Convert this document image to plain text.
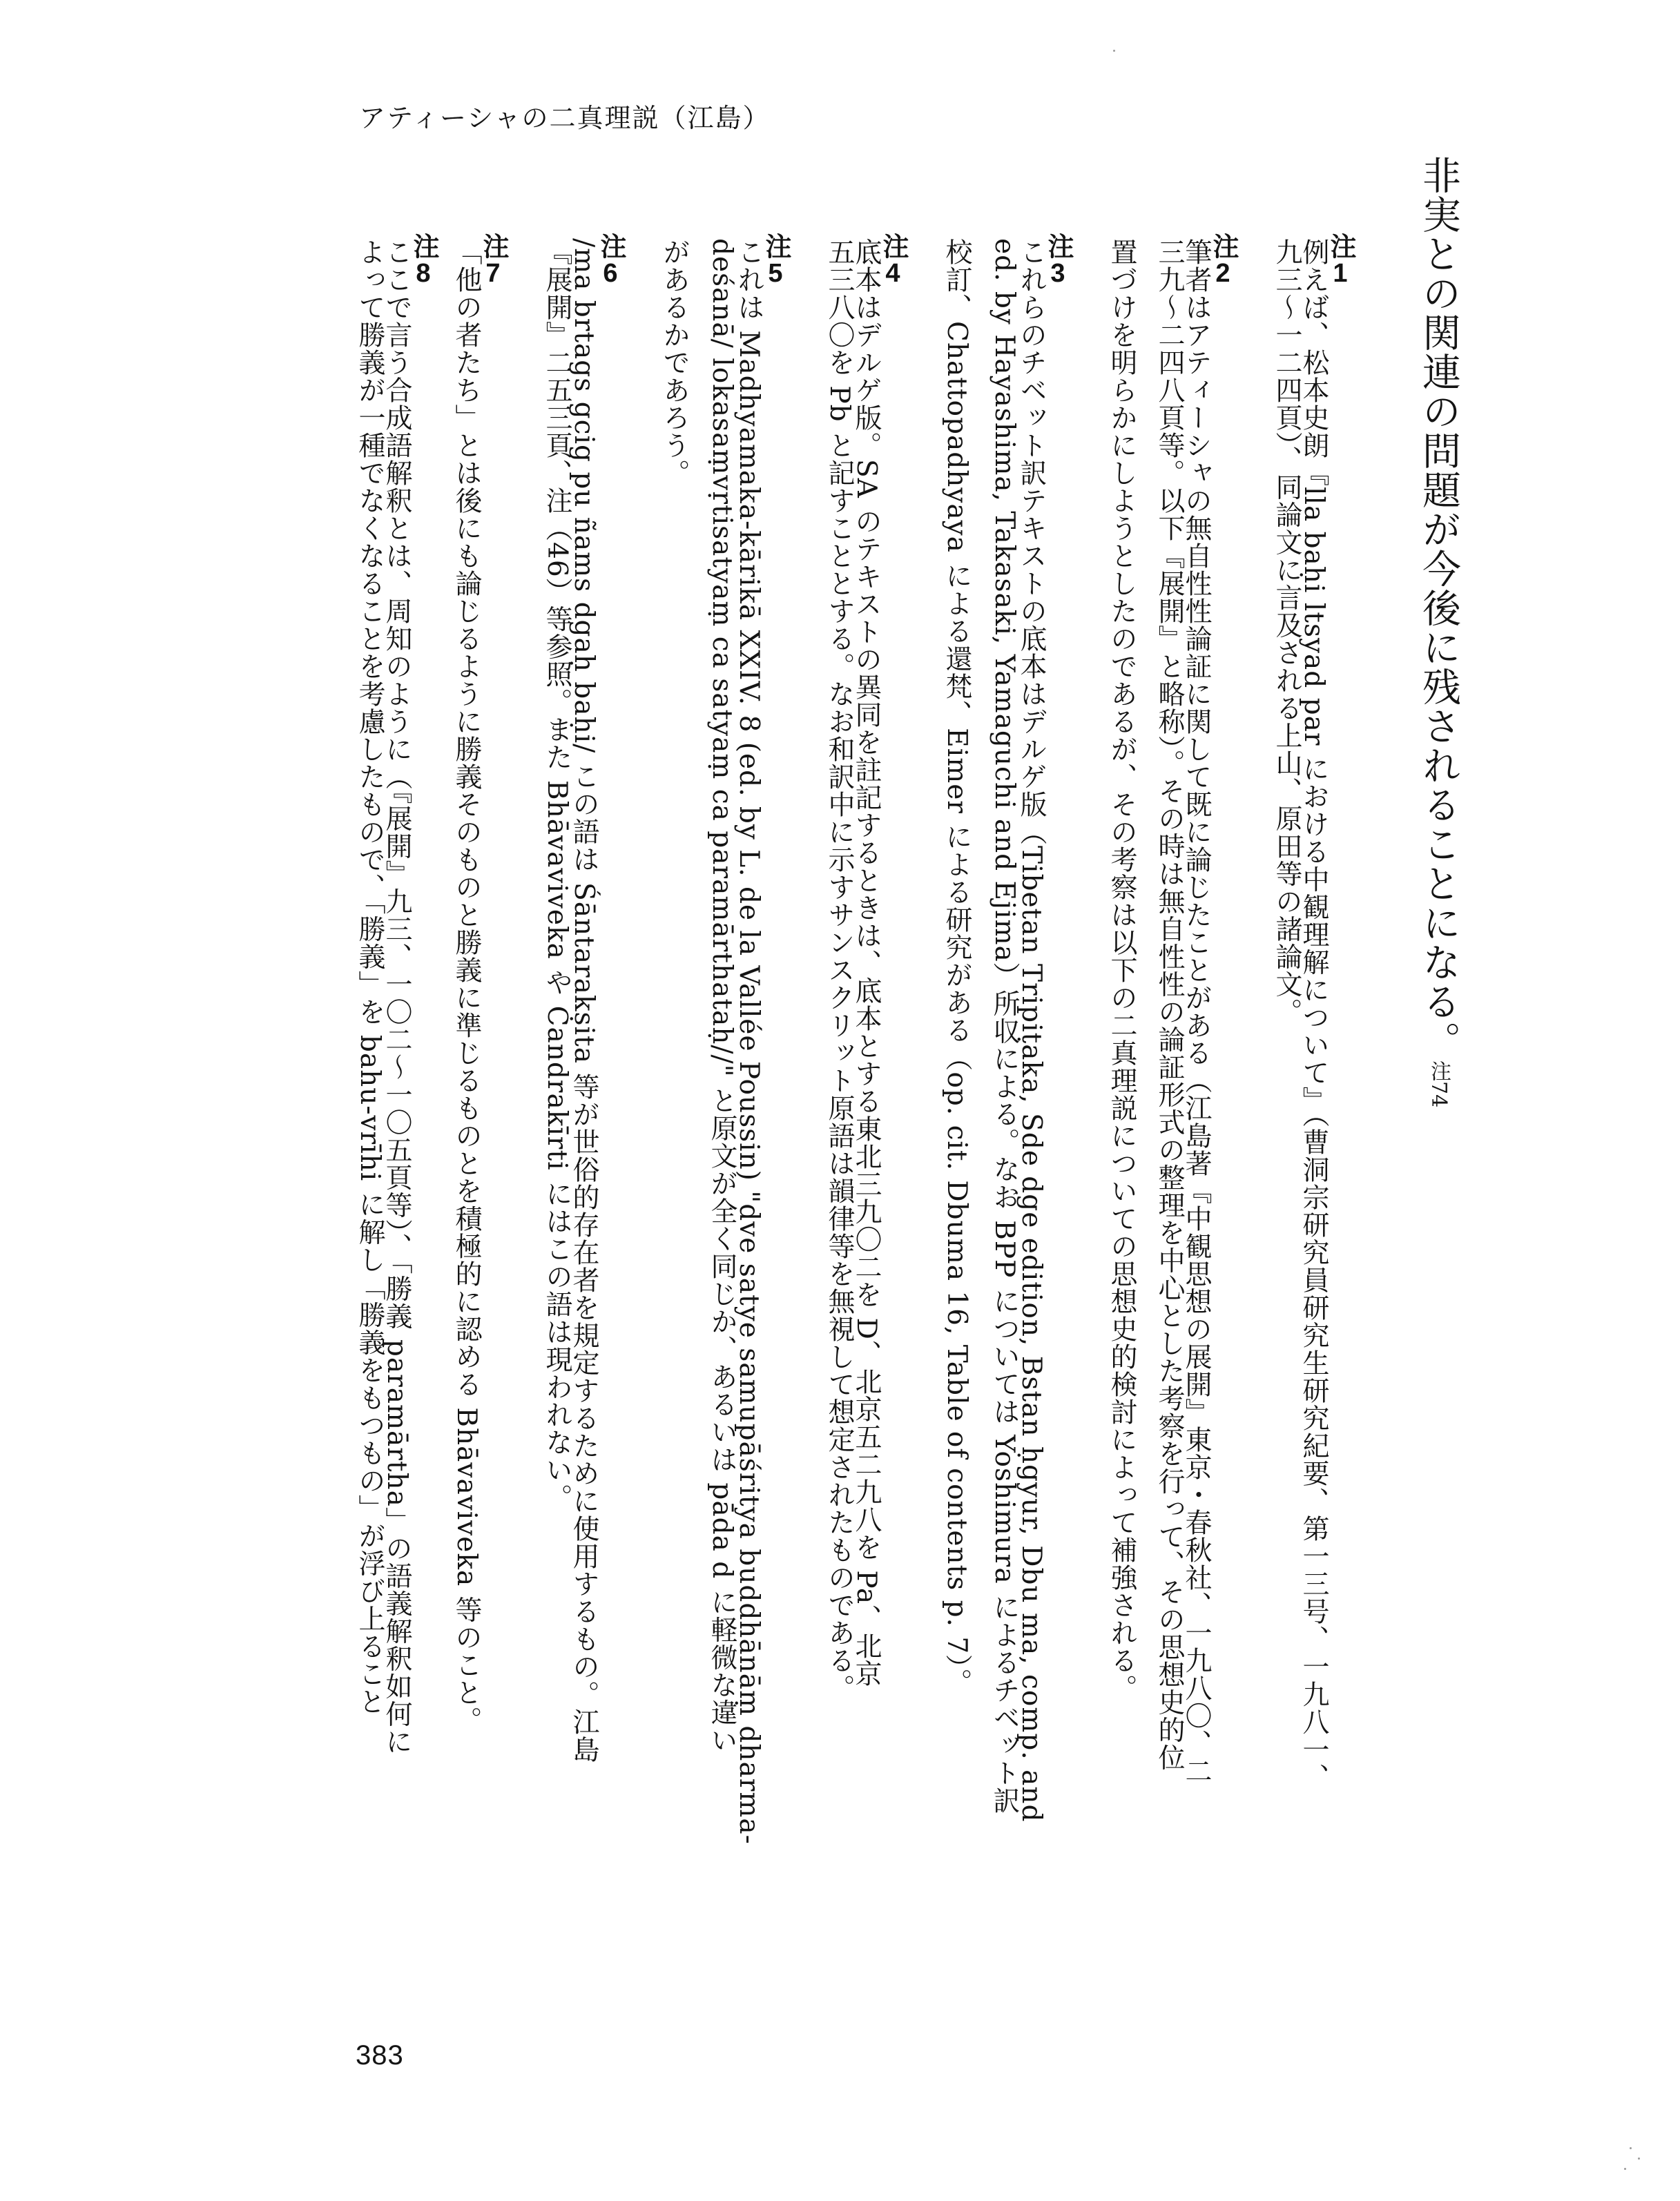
アティーシャの二真理説（江島）
非実との関連の問題が今後に残されることになる。注74
注1
例えば、松本史朗『lla baḥi ltsyad par における中観理解について』（曹洞宗研究員研究生研究紀要、第一三号、一九八一、
九三～一二四頁）、同論文に言及される上山、原田等の諸論文。
注2
筆者はアティーシャの無自性性論証に関して既に論じたことがある（江島著『中観思想の展開』東京・春秋社、一九八〇、二
三九～二四八頁等。以下『展開』と略称）。その時は無自性性の論証形式の整理を中心とした考察を行って、その思想史的位
置づけを明らかにしようとしたのであるが、その考察は以下の二真理説についての思想史的検討によって補強される。
注3
これらのチベット訳テキストの底本はデルゲ版（Tibetan Tripiṭaka, Sde dge edition, Bstan ḥgyur, Dbu ma, comp. and
ed. by Hayashima, Takasaki, Yamaguchi and Ejima）所収による。なお BPP については Yoshimura によるチベット訳
校訂、Chattopadhyaya による還梵、Eimer による研究がある（op. cit. Dbuma 16, Table of contents p. 7）。
注4
底本はデルゲ版。SA のテキストの異同を註記するときは、底本とする東北三九〇二を D、北京五二九八を Pa、北京
五三八〇を Pb と記すこととする。なお和訳中に示すサンスクリット原語は韻律等を無視して想定されたものである。
注5
これは Madhyamaka-kārikā XXIV. 8 (ed. by L. de la Vallée Poussin) "dve satye samupāśritya buddhānāṃ dharma-
deśanā/ lokasaṃvṛtisatyaṃ ca satyaṃ ca paramārthataḥ//" と原文が全く同じか、あるいは pāda d に軽微な違い
があるかであろう。
注6
/ma brtags gcig pu ñams dgaḥ baḥi/ この語は Śāntarakṣita 等が世俗的存在者を規定するために使用するもの。江島
『展開』二五三頁、注（46）等参照。また Bhāvaviveka や Candrakīrti にはこの語は現われない。
注7
「他の者たち」とは後にも論じるように勝義そのものと勝義に準じるものとを積極的に認める Bhāvaviveka 等のこと。
注8
ここで言う合成語解釈とは、周知のように（『展開』九三、一〇二～一〇五頁等）、「勝義 paramārtha」の語義解釈如何に
よって勝義が一種でなくなることを考慮したもので、「勝義」を bahu-vrīhi に解し「勝義をもつもの」が浮び上ること
383
